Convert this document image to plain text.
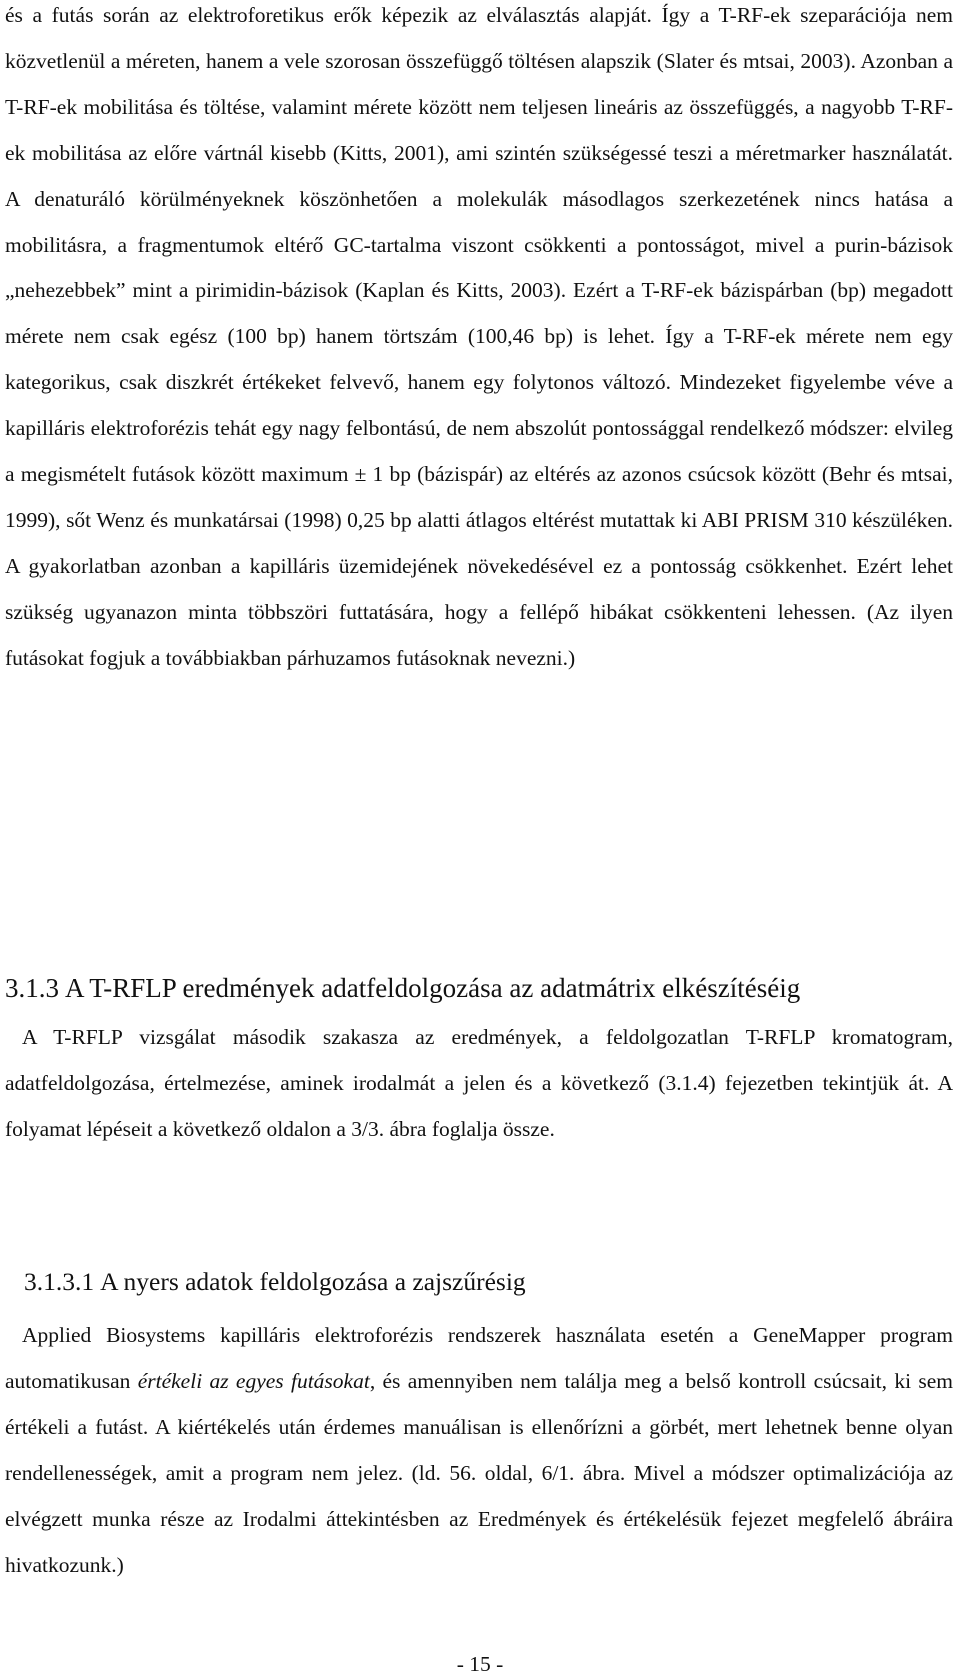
és a futás során az elektroforetikus erők képezik az elválasztás alapját. Így a T-RF-ek szeparációja nem közvetlenül a méreten, hanem a vele szorosan összefüggő töltésen alapszik (Slater és mtsai, 2003). Azonban a T-RF-ek mobilitása és töltése, valamint mérete között nem teljesen lineáris az összefüggés, a nagyobb T-RF-ek mobilitása az előre vártnál kisebb (Kitts, 2001), ami szintén szükségessé teszi a méretmarker használatát. A denaturáló körülményeknek köszönhetően a molekulák másodlagos szerkezetének nincs hatása a mobilitásra, a fragmentumok eltérő GC-tartalma viszont csökkenti a pontosságot, mivel a purin-bázisok „nehezebbek” mint a pirimidin-bázisok (Kaplan és Kitts, 2003). Ezért a T-RF-ek bázispárban (bp) megadott mérete nem csak egész (100 bp) hanem törtszám (100,46 bp) is lehet. Így a T-RF-ek mérete nem egy kategorikus, csak diszkrét értékeket felvevő, hanem egy folytonos változó. Mindezeket figyelembe véve a kapilláris elektroforézis tehát egy nagy felbontású, de nem abszolút pontossággal rendelkező módszer: elvileg a megismételt futások között maximum ± 1 bp (bázispár) az eltérés az azonos csúcsok között (Behr és mtsai, 1999), sőt Wenz és munkatársai (1998) 0,25 bp alatti átlagos eltérést mutattak ki ABI PRISM 310 készüléken. A gyakorlatban azonban a kapilláris üzemidejének növekedésével ez a pontosság csökkenhet. Ezért lehet szükség ugyanazon minta többszöri futtatására, hogy a fellépő hibákat csökkenteni lehessen. (Az ilyen futásokat fogjuk a továbbiakban párhuzamos futásoknak nevezni.)

3.1.3 A T-RFLP eredmények adatfeldolgozása az adatmátrix elkészítéséig

A T-RFLP vizsgálat második szakasza az eredmények, a feldolgozatlan T-RFLP kromatogram, adatfeldolgozása, értelmezése, aminek irodalmát a jelen és a következő (3.1.4) fejezetben tekintjük át. A folyamat lépéseit a következő oldalon a 3/3. ábra foglalja össze.

3.1.3.1 A nyers adatok feldolgozása a zajszűrésig

Applied Biosystems kapilláris elektroforézis rendszerek használata esetén a GeneMapper program automatikusan értékeli az egyes futásokat, és amennyiben nem találja meg a belső kontroll csúcsait, ki sem értékeli a futást. A kiértékelés után érdemes manuálisan is ellenőrízni a görbét, mert lehetnek benne olyan rendellenességek, amit a program nem jelez. (ld. 56. oldal, 6/1. ábra. Mivel a módszer optimalizációja az elvégzett munka része az Irodalmi áttekintésben az Eredmények és értékelésük fejezet megfelelő ábráira hivatkozunk.)

- 15 -
